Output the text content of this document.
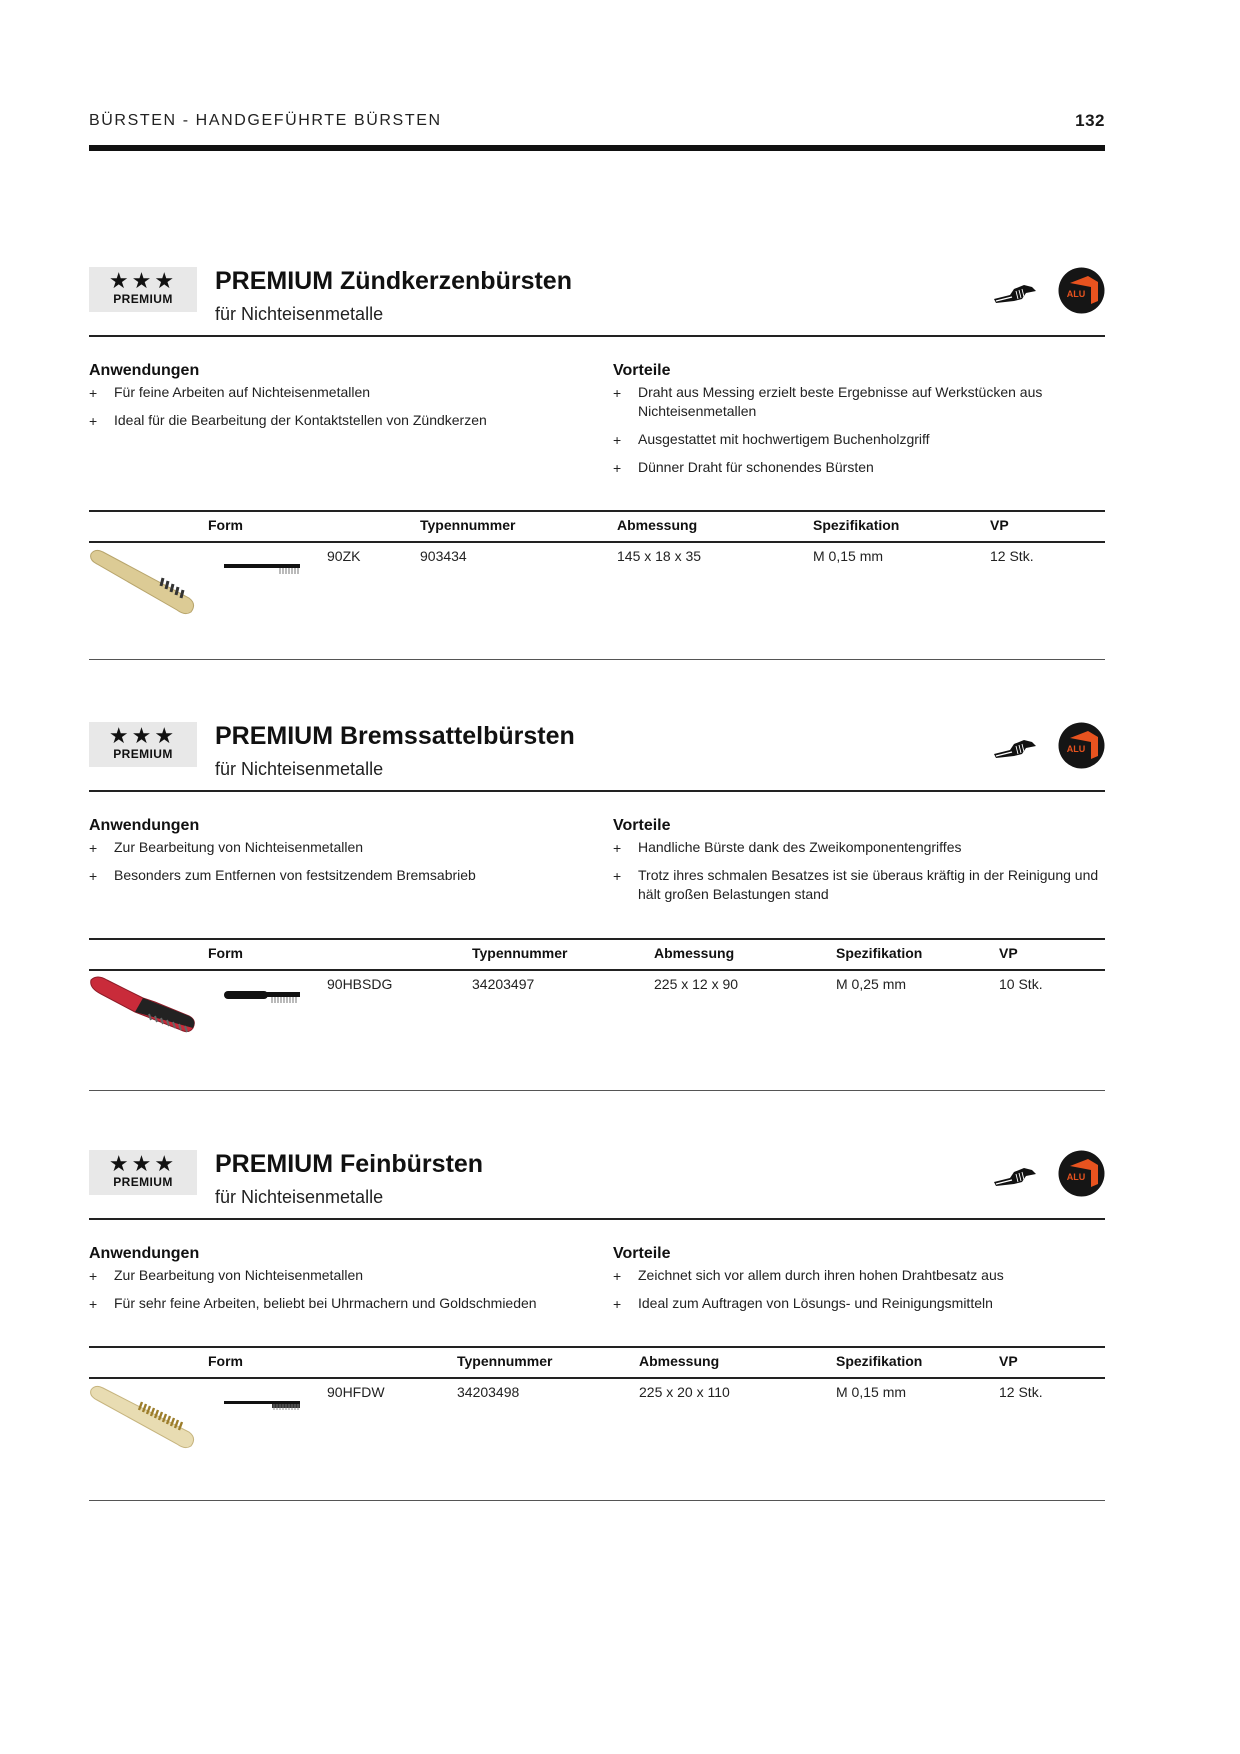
BÜRSTEN - HANDGEFÜHRTE BÜRSTEN	132
★★★
PREMIUM
PREMIUM Zündkerzenbürsten
für Nichteisenmetalle
ALU
Anwendungen
+ Für feine Arbeiten auf Nichteisenmetallen
+ Ideal für die Bearbeitung der Kontaktstellen von Zündkerzen
Vorteile
+ Draht aus Messing erzielt beste Ergebnisse auf Werkstücken aus Nichteisenmetallen
+ Ausgestattet mit hochwertigem Buchenholzgriff
+ Dünner Draht für schonendes Bürsten
Form	Typennummer	Abmessung	Spezifikation	VP
90ZK	903434	145 x 18 x 35	M 0,15 mm	12 Stk.
★★★
PREMIUM
PREMIUM Bremssattelbürsten
für Nichteisenmetalle
ALU
Anwendungen
+ Zur Bearbeitung von Nichteisenmetallen
+ Besonders zum Entfernen von festsitzendem Bremsabrieb
Vorteile
+ Handliche Bürste dank des Zweikomponentengriffes
+ Trotz ihres schmalen Besatzes ist sie überaus kräftig in der Reinigung und hält großen Belastungen stand
Form	Typennummer	Abmessung	Spezifikation	VP
90HBSDG	34203497	225 x 12 x 90	M 0,25 mm	10 Stk.
★★★
PREMIUM
PREMIUM Feinbürsten
für Nichteisenmetalle
ALU
Anwendungen
+ Zur Bearbeitung von Nichteisenmetallen
+ Für sehr feine Arbeiten, beliebt bei Uhrmachern und Goldschmieden
Vorteile
+ Zeichnet sich vor allem durch ihren hohen Drahtbesatz aus
+ Ideal zum Auftragen von Lösungs- und Reinigungsmitteln
Form	Typennummer	Abmessung	Spezifikation	VP
90HFDW	34203498	225 x 20 x 110	M 0,15 mm	12 Stk.
